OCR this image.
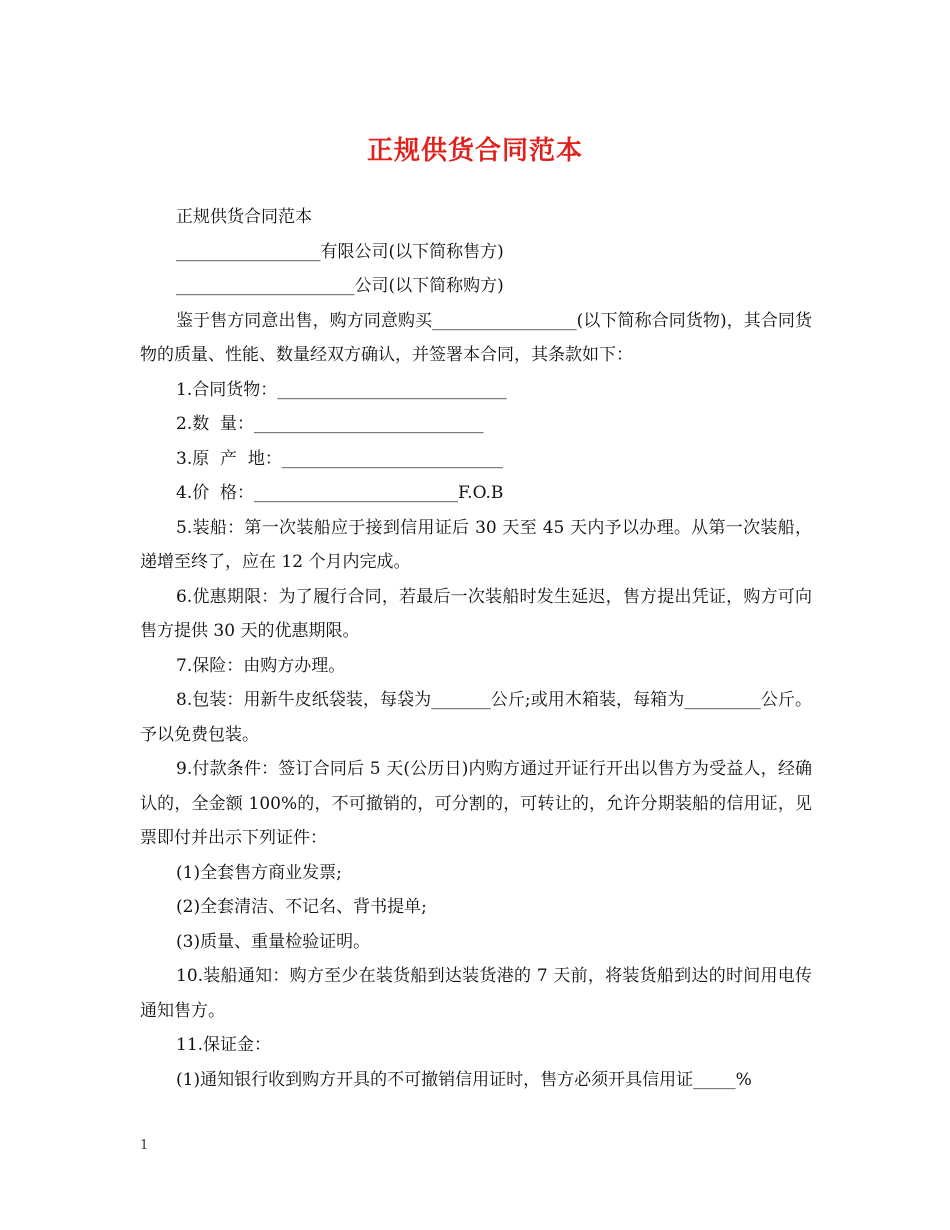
正规供货合同范本

正规供货合同范本

_________________有限公司(以下简称售方)

_____________________公司(以下简称购方)

鉴于售方同意出售，购方同意购买_________________(以下简称合同货物)，其合同货物的质量、性能、数量经双方确认，并签署本合同，其条款如下：

1.合同货物：___________________________

2.数  量：___________________________

3.原  产  地：__________________________

4.价  格：________________________F.O.B

5.装船：第一次装船应于接到信用证后 30 天至 45 天内予以办理。从第一次装船，递增至终了，应在 12 个月内完成。

6.优惠期限：为了履行合同，若最后一次装船时发生延迟，售方提出凭证，购方可向售方提供 30 天的优惠期限。

7.保险：由购方办理。

8.包装：用新牛皮纸袋装，每袋为_______公斤;或用木箱装，每箱为_________公斤。予以免费包装。

9.付款条件：签订合同后 5 天(公历日)内购方通过开证行开出以售方为受益人，经确认的，全金额 100%的，不可撤销的，可分割的，可转让的，允许分期装船的信用证，见票即付并出示下列证件：

(1)全套售方商业发票;

(2)全套清洁、不记名、背书提单;

(3)质量、重量检验证明。

10.装船通知：购方至少在装货船到达装货港的 7 天前，将装货船到达的时间用电传通知售方。

11.保证金：

(1)通知银行收到购方开具的不可撤销信用证时，售方必须开具信用证_____%

1
